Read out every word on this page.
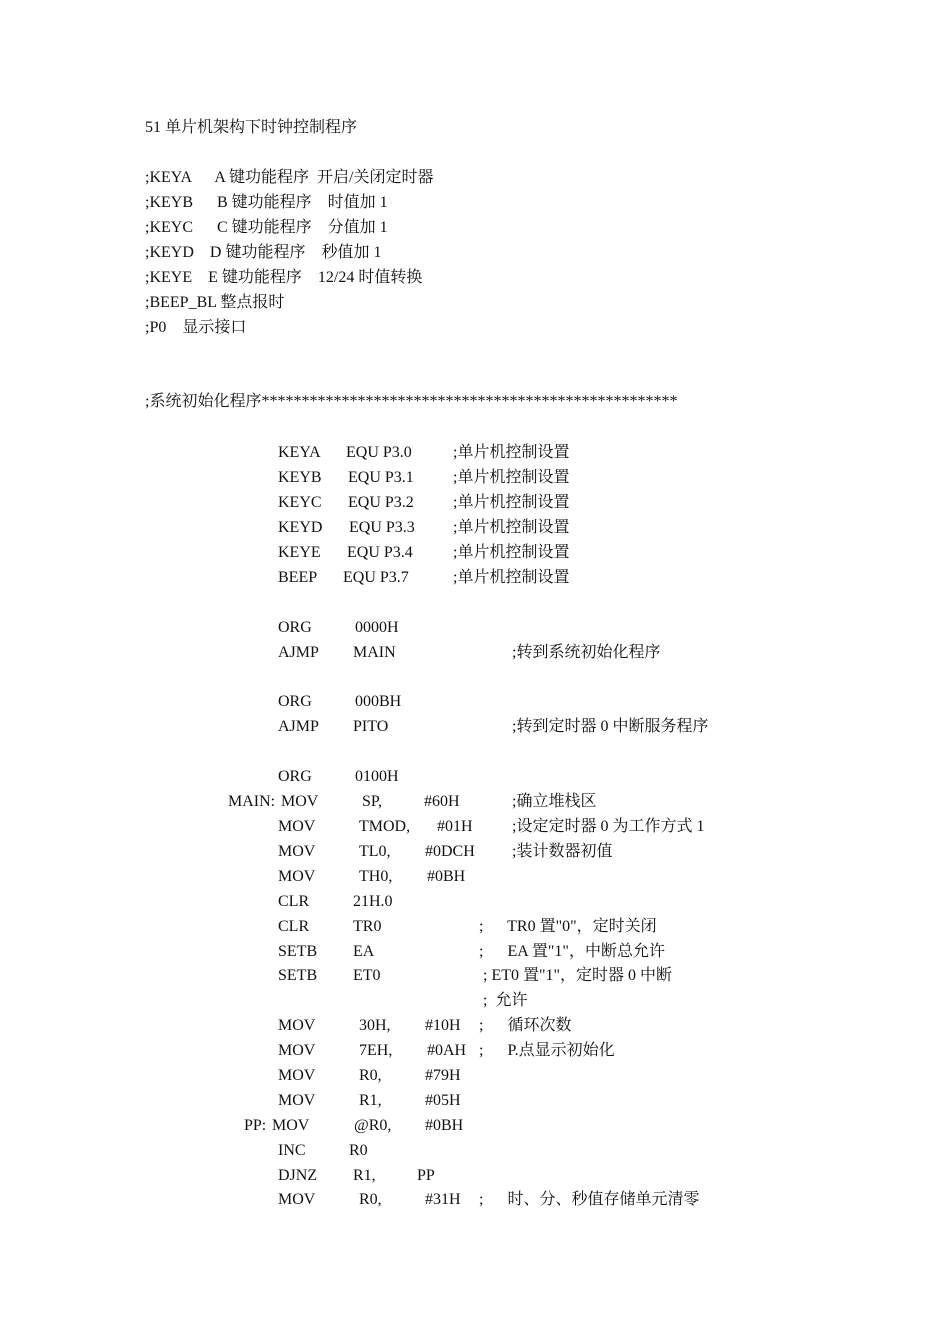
51 单片机架构下时钟控制程序
;KEYA      A 键功能程序  开启/关闭定时器
;KEYB      B 键功能程序    时值加 1
;KEYC      C 键功能程序    分值加 1
;KEYD    D 键功能程序    秒值加 1
;KEYE    E 键功能程序    12/24 时值转换
;BEEP_BL 整点报时
;P0    显示接口
;系统初始化程序****************************************************
KEYA EQU P3.0	;单片机控制设置
KEYB EQU P3.1 ;单片机控制设置
KEYC EQU P3.2 ;单片机控制设置
KEYD EQU P3.3 ;单片机控制设置
KEYE EQU P3.4	;单片机控制设置
BEEP EQU P3.7	;单片机控制设置
ORG	0000H
AJMP MAIN	;转到系统初始化程序
ORG	000BH
AJMP PITO	;转到定时器 0 中断服务程序
ORG	0100H
MAIN: MOV	SP,	#60H	;确立堆栈区
MOV	TMOD, #01H ;设定定时器 0 为工作方式 1
MOV	TL0, #0DCH ;装计数器初值
MOV	TH0, #0BH
CLR	21H.0
CLR	TR0	;      TR0 置"0"，定时关闭
SETB EA	;      EA 置"1"，中断总允许
SETB ET0	; ET0 置"1"，定时器 0 中断
;  允许
MOV	30H, #10H ;      循环次数
MOV	7EH, #0AH ;      P.点显示初始化
MOV	R0,	#79H
MOV	R1,	#05H
PP: MOV	@R0, #0BH
INC	R0
DJNZ R1,	PP
MOV	R0,	#31H ;      时、分、秒值存储单元清零
